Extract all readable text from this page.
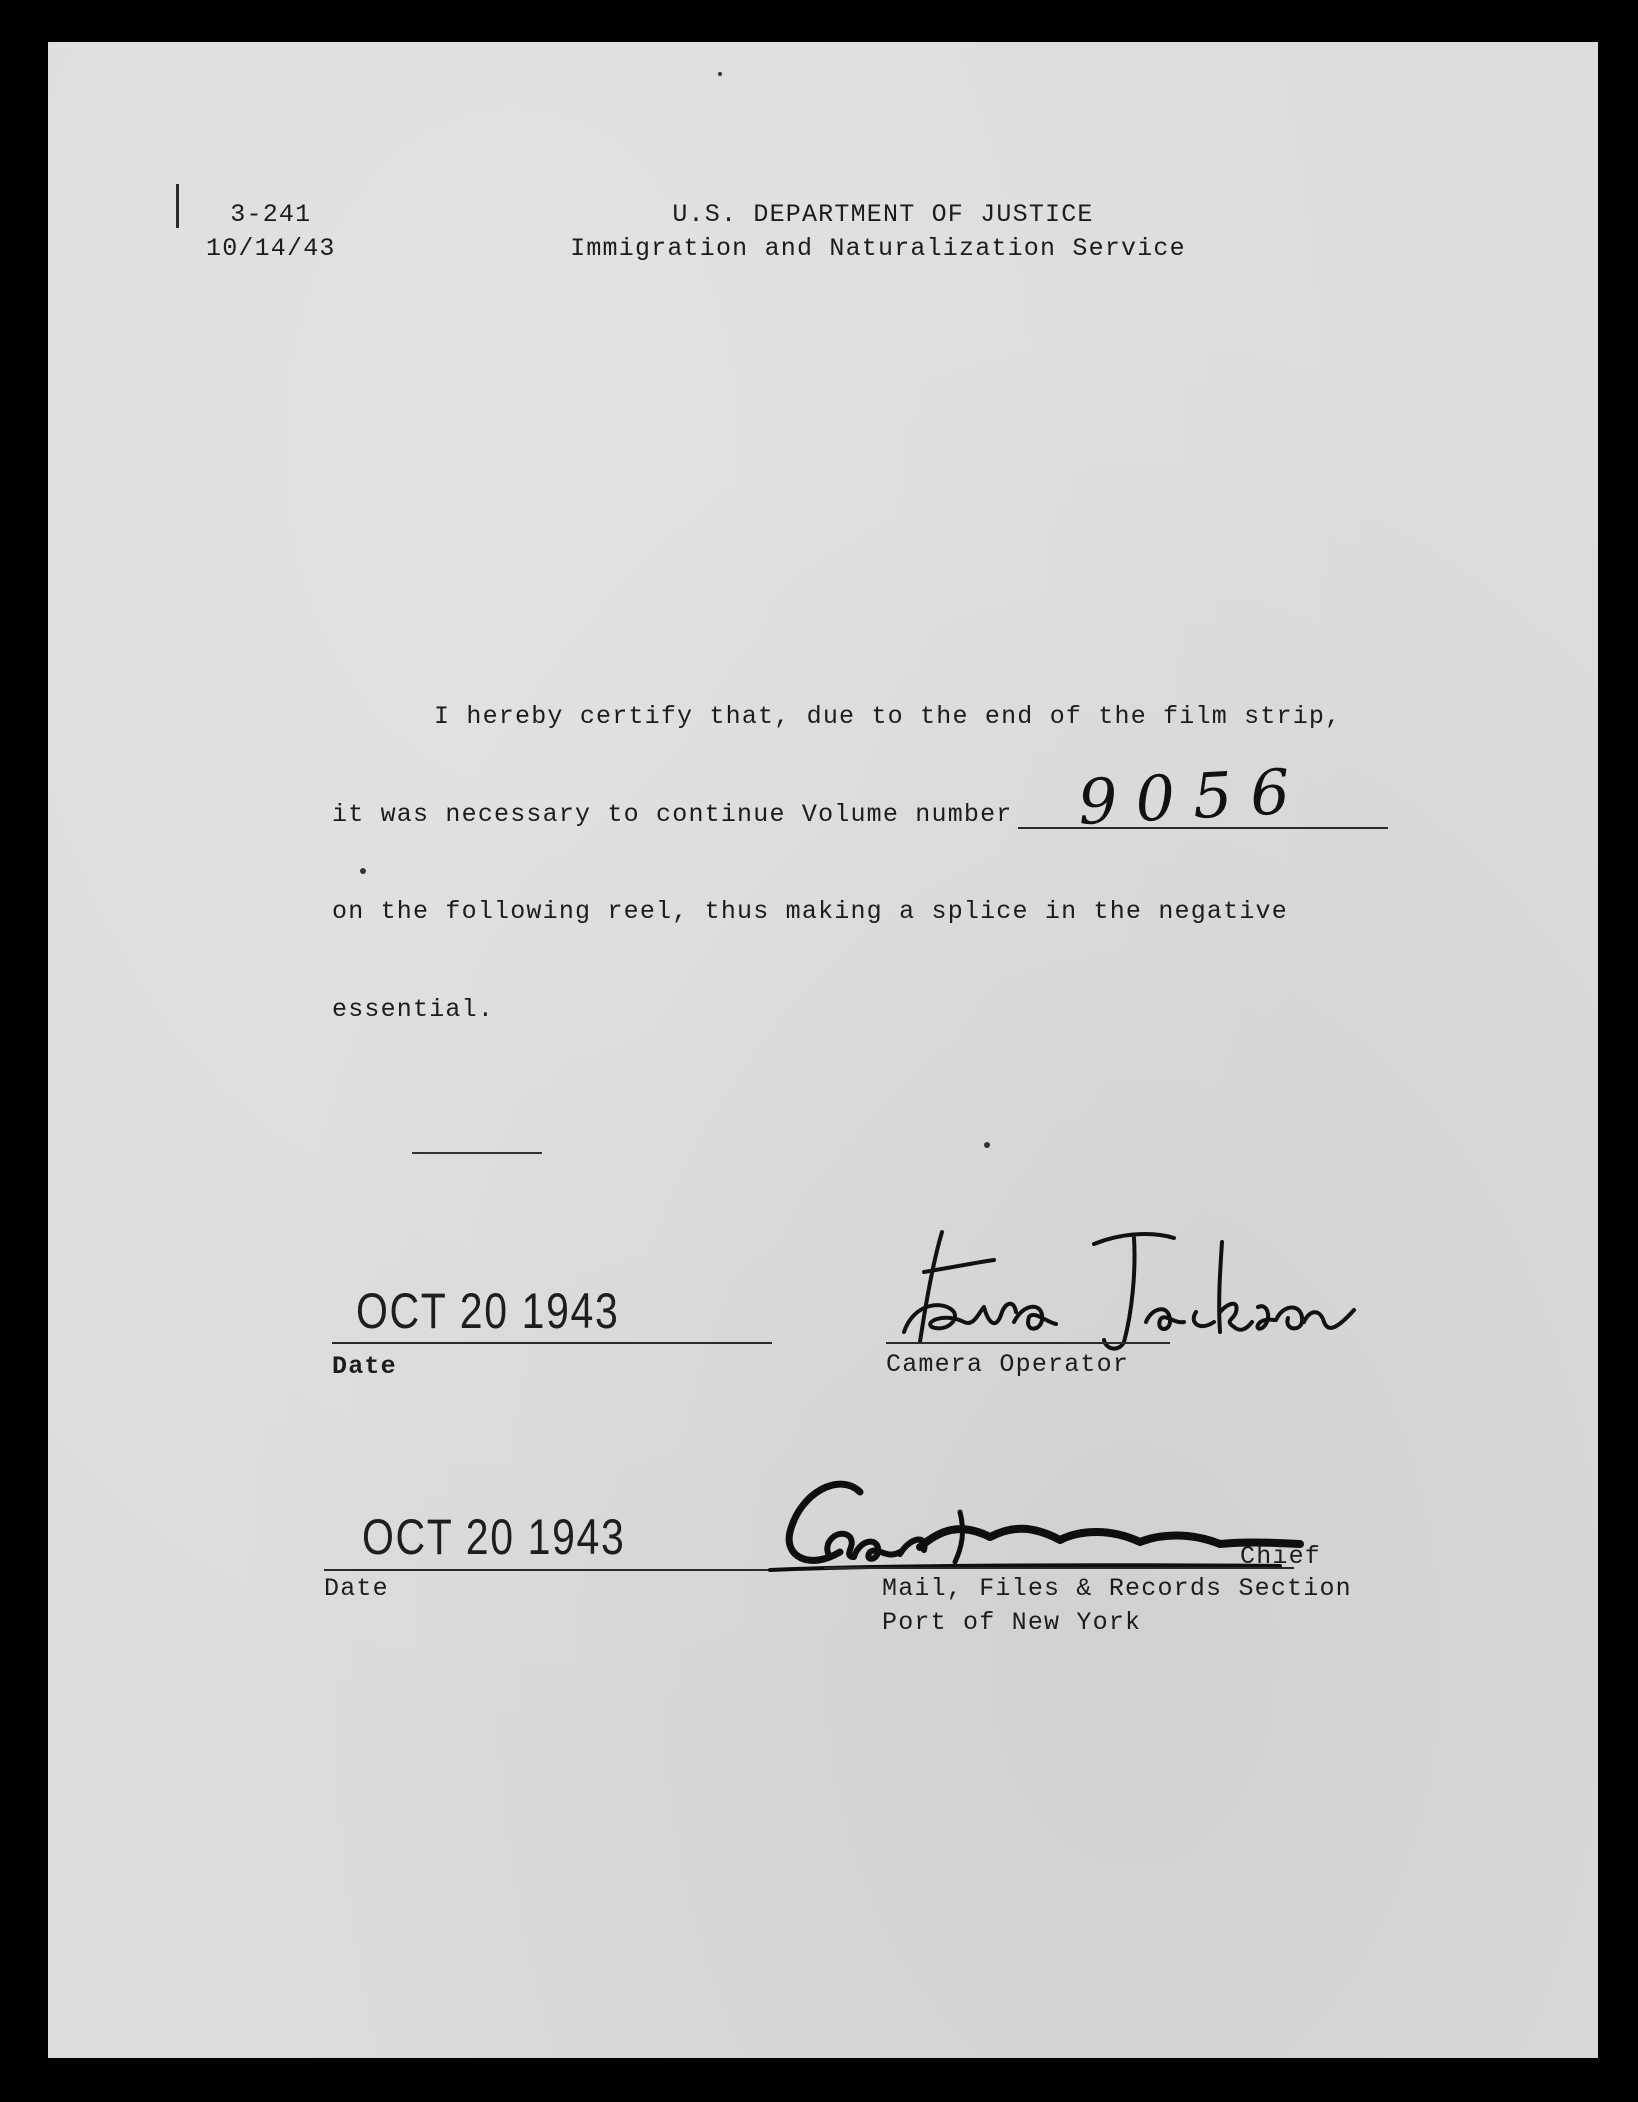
3-241
10/14/43
U.S. DEPARTMENT OF JUSTICE
Immigration and Naturalization Service
I hereby certify that, due to the end of the film strip,
it was necessary to continue Volume number 9056
on the following reel, thus making a splice in the negative
essential.
OCT 20 1943
Date	Camera Operator
OCT 20 1943
Date
Chief
Mail, Files & Records Section
Port of New York
